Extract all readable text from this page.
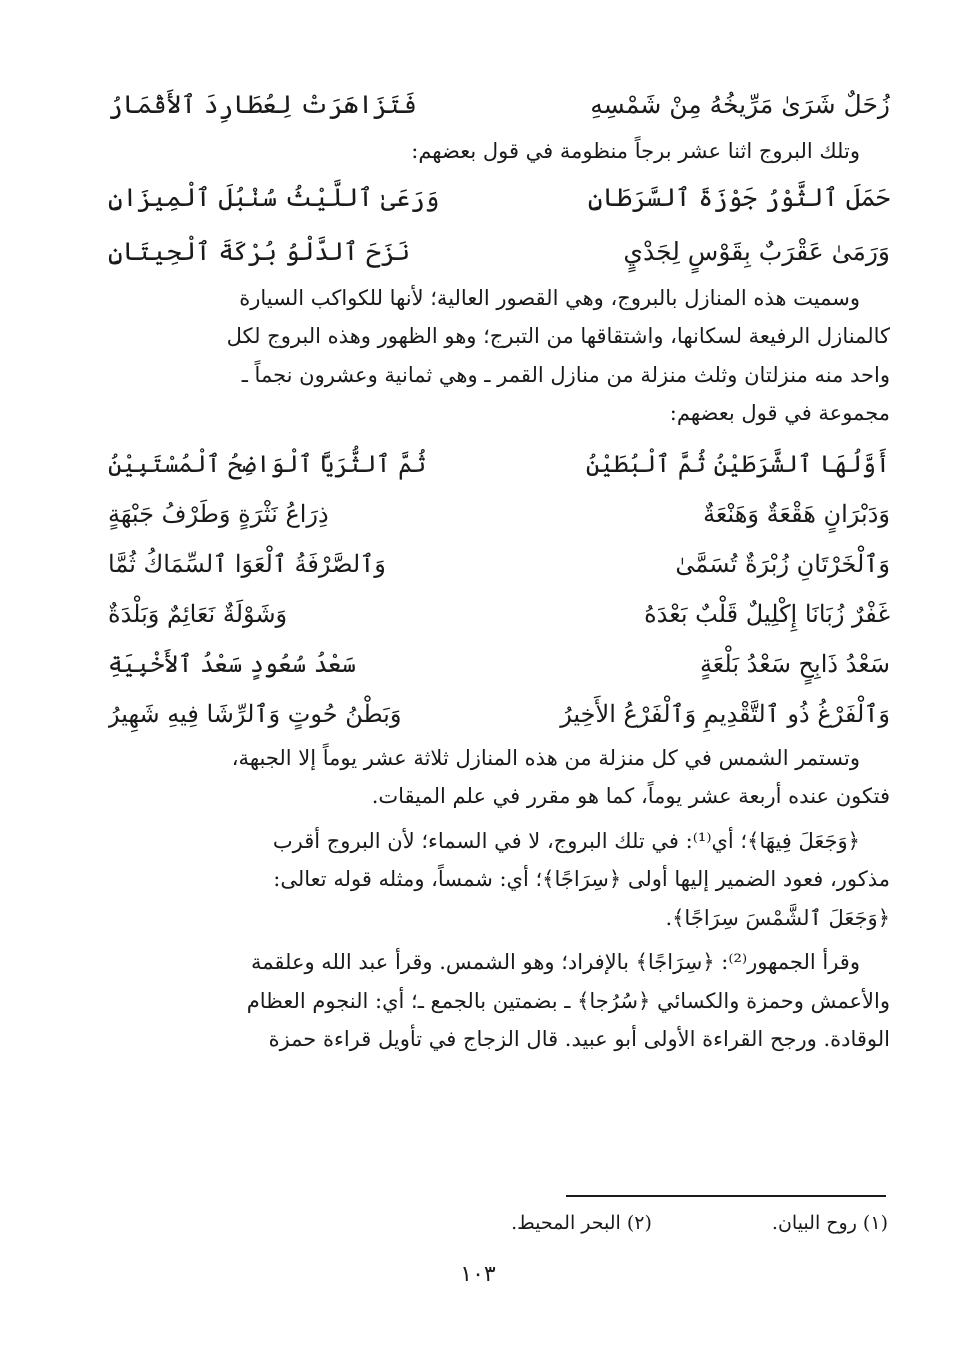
زُحَلٌ شَرَىٰ مَرِّيخُهُ مِنْ شَمْسِهِ
فَتَزَاهَرَتْ لِعُطَارِدَ ٱلأَقْمَارُ

وتلك البروج اثنا عشر برجاً منظومة في قول بعضهم:

حَمَلَ ٱلثَّوْرُ جَوْزَةَ ٱلسَّرَطَانِ
وَرَعَىٰ ٱللَّيْثُ سُنْبُلَ ٱلْمِيزَانِ
وَرَمَىٰ عَقْرَبٌ بِقَوْسٍ لِجَدْيٍ
نَزَحَ ٱلدَّلْوُ بُرْكَةَ ٱلْحِيتَانِ

وسميت هذه المنازل بالبروج، وهي القصور العالية؛ لأنها للكواكب السيارة
كالمنازل الرفيعة لسكانها، واشتقاقها من التبرج؛ وهو الظهور وهذه البروج لكل
واحد منه منزلتان وثلث منزلة من منازل القمر ـ وهي ثمانية وعشرون نجماً ـ
مجموعة في قول بعضهم:

أَوَّلُهَا ٱلشَّرَطَيْنُ ثُمَّ ٱلْبُطَيْنُ
ثُمَّ ٱلثُّرَيَّا ٱلْوَاضِحُ ٱلْمُسْتَبِيْنُ
وَدَبْرَانٍ هَقْعَةٌ وَهَنْعَةٌ
ذِرَاعُ نَثْرَةٍ وَطَرْفُ جَبْهَةٍ
وَٱلْخَرْتَانِ زُبْرَةٌ تُسَمَّىٰ
وَٱلصَّرْفَةُ ٱلْعَوَا ٱلسِّمَاكُ ثُمَّا
غَفْرٌ زُبَانَا إِكْلِيلٌ قَلْبٌ بَعْدَهُ
وَشَوْلَةٌ نَعَائِمٌ وَبَلْدَةٌ
سَعْدُ ذَابِحٍ سَعْدُ بَلْعَةٍ
سَعْدُ سُعُودٍ سَعْدُ ٱلأَخْبِيَةِ
وَٱلْفَرْغُ ذُو ٱلتَّقْدِيمِ وَٱلْفَرْعُ الأَخِيرُ
وَبَطْنُ حُوتٍ وَٱلرِّشَا فِيهِ شَهِيرُ

وتستمر الشمس في كل منزلة من هذه المنازل ثلاثة عشر يوماً إلا الجبهة،
فتكون عنده أربعة عشر يوماً، كما هو مقرر في علم الميقات.

﴿وَجَعَلَ فِيهَا﴾؛ أي⁽¹⁾: في تلك البروج، لا في السماء؛ لأن البروج أقرب
مذكور، فعود الضمير إليها أولى ﴿سِرَاجًا﴾؛ أي: شمساً، ومثله قوله تعالى:
﴿وَجَعَلَ ٱلشَّمْسَ سِرَاجًا﴾.

وقرأ الجمهور⁽²⁾: ﴿سِرَاجًا﴾ بالإفراد؛ وهو الشمس. وقرأ عبد الله وعلقمة
والأعمش وحمزة والكسائي ﴿سُرُجا﴾ ـ بضمتين بالجمع ـ؛ أي: النجوم العظام
الوقادة. ورجح القراءة الأولى أبو عبيد. قال الزجاج في تأويل قراءة حمزة

(١) روح البيان.
(٢) البحر المحيط.
١٠٣
